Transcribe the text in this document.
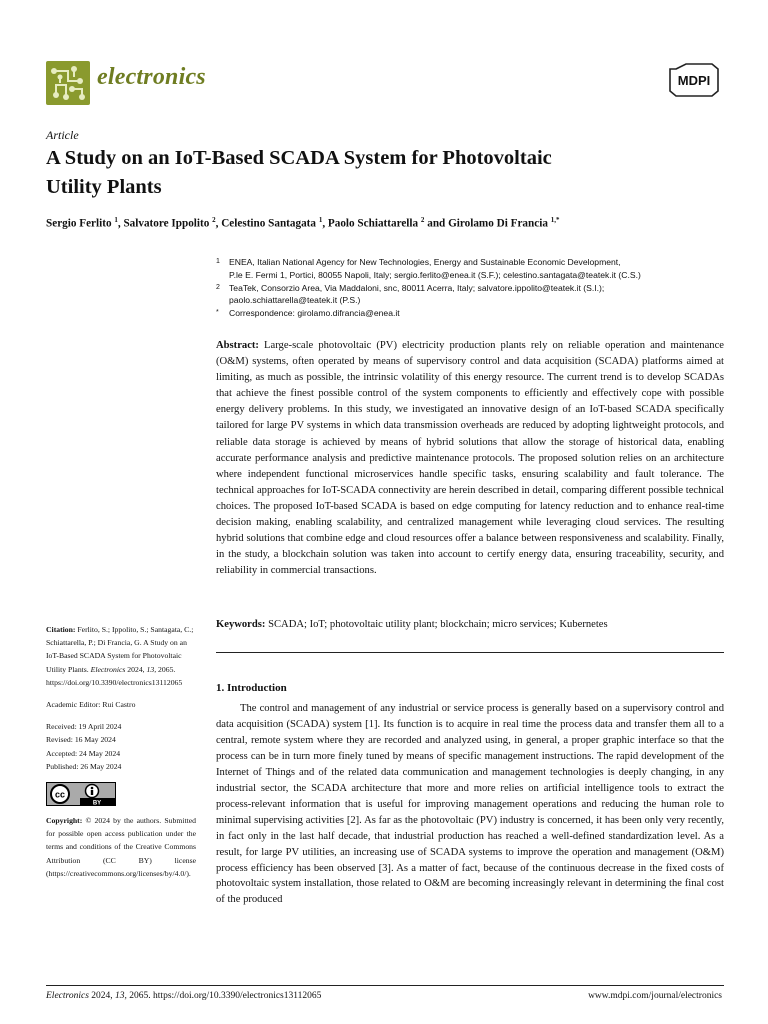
electronics	MDPI
Article
A Study on an IoT-Based SCADA System for Photovoltaic
Utility Plants
Sergio Ferlito $^1$, Salvatore Ippolito $^2$, Celestino Santagata $^1$, Paolo Schiattarella $^2$ and Girolamo Di Francia $^{1,*}$
1	ENEA, Italian National Agency for New Technologies, Energy and Sustainable Economic Development,
P.le E. Fermi 1, Portici, 80055 Napoli, Italy; sergio.ferlito@enea.it (S.F.); celestino.santagata@teatek.it (C.S.)
2	TeaTek, Consorzio Area, Via Maddaloni, snc, 80011 Acerra, Italy; salvatore.ippolito@teatek.it (S.I.);
paolo.schiattarella@teatek.it (P.S.)
*	Correspondence: girolamo.difrancia@enea.it
Abstract: Large-scale photovoltaic (PV) electricity production plants rely on reliable operation and maintenance (O&M) systems, often operated by means of supervisory control and data acquisition (SCADA) platforms aimed at limiting, as much as possible, the intrinsic volatility of this energy resource. The current trend is to develop SCADAs that achieve the finest possible control of the system components to efficiently and effectively cope with possible energy delivery problems. In this study, we investigated an innovative design of an IoT-based SCADA specifically tailored for large PV systems in which data transmission overheads are reduced by adopting lightweight protocols, and reliable data storage is achieved by means of hybrid solutions that allow the storage of historical data, enabling accurate performance analysis and predictive maintenance protocols. The proposed solution relies on an architecture where independent functional microservices handle specific tasks, ensuring scalability and fault tolerance. The technical approaches for IoT-SCADA connectivity are herein described in detail, comparing different possible technical choices. The proposed IoT-based SCADA is based on edge computing for latency reduction and to enhance real-time decision making, enabling scalability, and centralized management while leveraging cloud services. The resulting hybrid solutions that combine edge and cloud resources offer a balance between responsiveness and scalability. Finally, in the study, a blockchain solution was taken into account to certify energy data, ensuring traceability, security, and reliability in commercial transactions.
Keywords: SCADA; IoT; photovoltaic utility plant; blockchain; micro services; Kubernetes
1. Introduction
The control and management of any industrial or service process is generally based on a supervisory control and data acquisition (SCADA) system [1]. Its function is to acquire in real time the process data and transfer them all to a central, remote system where they are recorded and analyzed using, in general, a proper graphic interface so that the process can be in turn more finely tuned by means of specific management instructions. The rapid development of the Internet of Things and of the related data communication and management technologies is deeply changing, in any industrial sector, the SCADA architecture that more and more relies on artificial intelligence tools to extract the process-relevant information that is useful for improving management operations and reducing the human role to minimal supervising activities [2]. As far as the photovoltaic (PV) industry is concerned, it has been only very recently, in fact only in the last half decade, that industrial production has reached a well-defined standardization level. As a result, for large PV utilities, an increasing use of SCADA systems to improve the operation and management (O&M) process efficiency has been observed [3]. As a matter of fact, because of the continuous decrease in the fixed costs of photovoltaic system installation, those related to O&M are becoming increasingly relevant in determining the final cost of the produced
Citation: Ferlito, S.; Ippolito, S.; Santagata, C.; Schiattarella, P.; Di Francia, G. A Study on an IoT-Based SCADA System for Photovoltaic Utility Plants. Electronics 2024, 13, 2065. https://doi.org/10.3390/electronics13112065
Academic Editor: Rui Castro
Received: 19 April 2024
Revised: 16 May 2024
Accepted: 24 May 2024
Published: 26 May 2024
cc
BY
Copyright: © 2024 by the authors. Submitted for possible open access publication under the terms and conditions of the Creative Commons Attribution (CC BY) license (https://creativecommons.org/licenses/by/4.0/).
Electronics 2024, 13, 2065. https://doi.org/10.3390/electronics13112065	www.mdpi.com/journal/electronics
